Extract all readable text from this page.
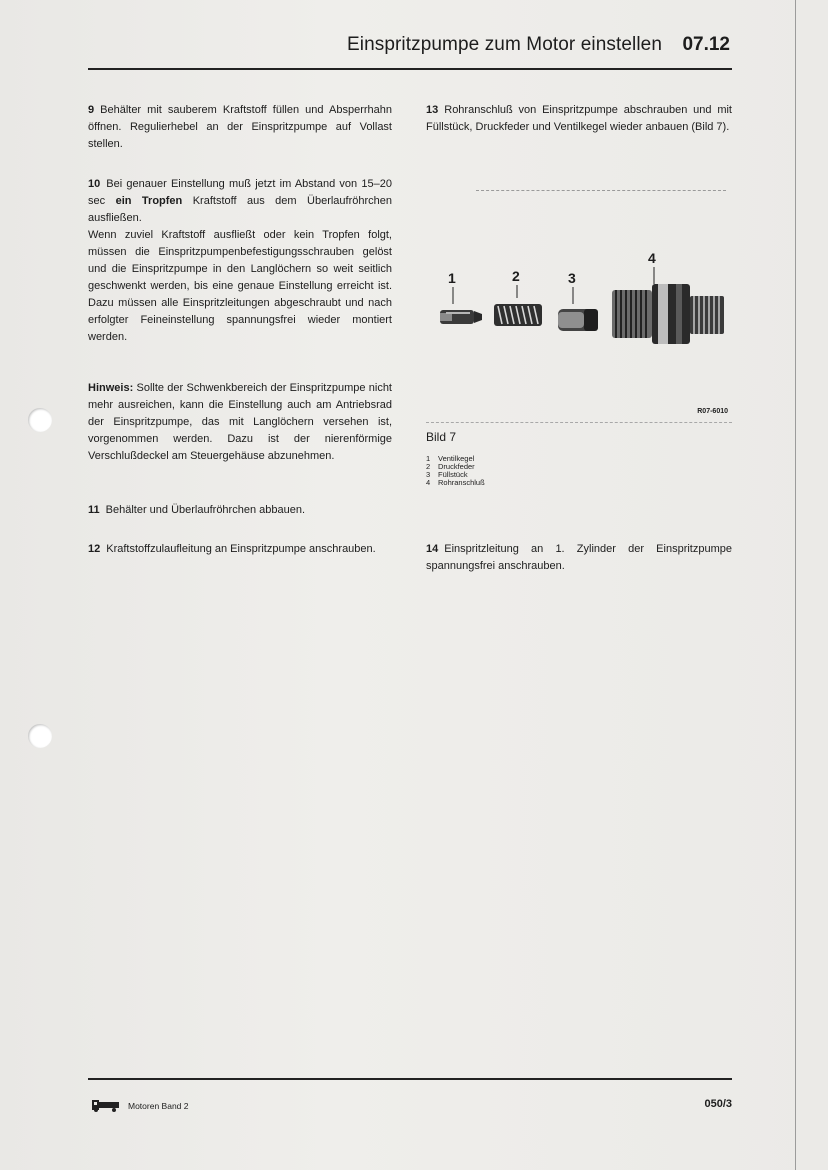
Einspritzpumpe zum Motor einstellen 07.12

9 Behälter mit sauberem Kraftstoff füllen und Absperrhahn öffnen. Regulierhebel an der Einspritzpumpe auf Vollast stellen.

10 Bei genauer Einstellung muß jetzt im Abstand von 15–20 sec ein Tropfen Kraftstoff aus dem Überlaufröhrchen ausfließen.
Wenn zuviel Kraftstoff ausfließt oder kein Tropfen folgt, müssen die Einspritzpumpenbefestigungsschrauben gelöst und die Einspritzpumpe in den Langlöchern so weit seitlich geschwenkt werden, bis eine genaue Einstellung erreicht ist. Dazu müssen alle Einspritzleitungen abgeschraubt und nach erfolgter Feineinstellung spannungsfrei wieder montiert werden.

Hinweis: Sollte der Schwenkbereich der Einspritzpumpe nicht mehr ausreichen, kann die Einstellung auch am Antriebsrad der Einspritzpumpe, das mit Langlöchern versehen ist, vorgenommen werden. Dazu ist der nierenförmige Verschlußdeckel am Steuergehäuse abzunehmen.

11 Behälter und Überlaufröhrchen abbauen.

12 Kraftstoffzulaufleitung an Einspritzpumpe anschrauben.

13 Rohranschluß von Einspritzpumpe abschrauben und mit Füllstück, Druckfeder und Ventilkegel wieder anbauen (Bild 7).

14 Einspritzleitung an 1. Zylinder der Einspritzpumpe spannungsfrei anschrauben.

1	2	3
4
R07-6010
Bild 7
1 Ventilkegel
2 Druckfeder
3 Füllstück
4 Rohranschluß
Motoren Band 2	050/3
